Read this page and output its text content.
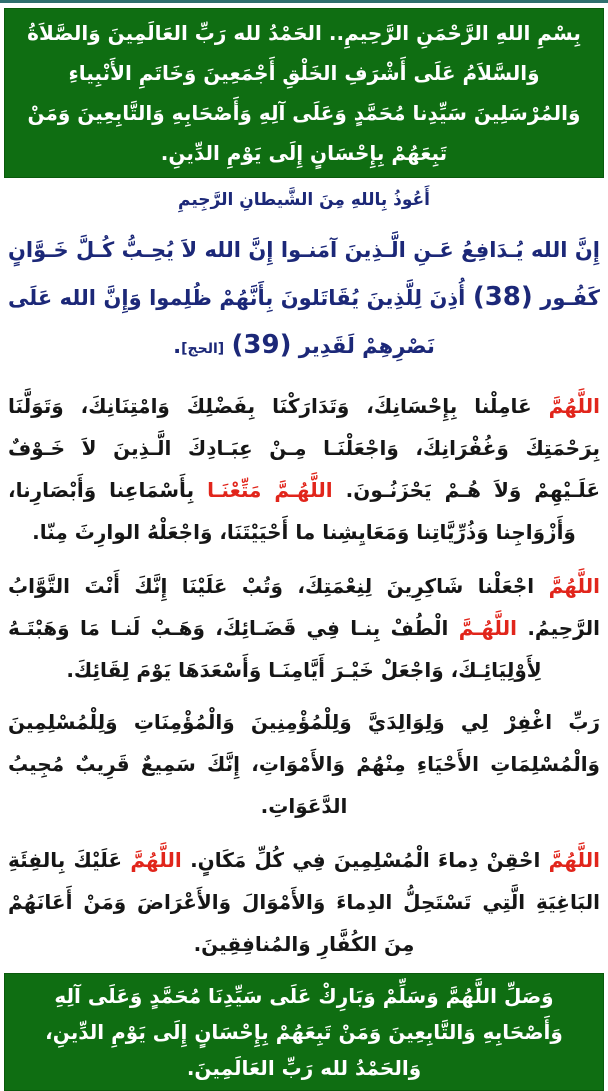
بِسْمِ اللهِ الرَّحْمَنِ الرَّحِيمِ.. الحَمْدُ لله رَبِّ العَالَمِينَ وَالصَّلاَةُ وَالسَّلاَمُ عَلَى أَشْرَفِ الخَلْقِ أَجْمَعِينَ وَخَاتَمِ الأَنْبِياءِ وَالمُرْسَلِينَ سَيِّدِنا مُحَمَّدٍ وَعَلَى آلِهِ وَأَصْحَابِهِ وَالتَّابِعِينَ وَمَنْ تَبِعَهُمْ بِإِحْسَانٍ إِلَى يَوْمِ الدِّينِ.
أَعُوذُ بِاللهِ مِنَ الشَّيطانِ الرَّجِيمِ

إِنَّ الله يُـدَافِعُ عَـنِ الَّـذِينَ آمَنـوا إِنَّ الله لاَ يُحِـبُّ كُـلَّ خَـوَّانٍ كَفُـور (38) أُذِنَ لِلَّذِينَ يُقَاتَلونَ بِأَنَّهُمْ ظُلِموا وَإِنَّ الله عَلَى نَصْرِهِمْ لَقَدِير (39) [الحج].

اللَّهُمَّ عَامِلْنا بِإِحْسَانِكَ، وَتَدَارَكْنَا بِفَضْلِكَ وَامْتِنَانِكَ، وَتَوَلَّنَا بِرَحْمَتِكَ وَغُفْرَانِكَ، وَاجْعَلْنَـا مِـنْ عِبَـادِكَ الَّـذِينَ لاَ خَـوْفٌ عَلَـيْهِمْ وَلاَ هُـمْ يَحْزَنُـونَ. اللَّهُـمَّ مَتِّعْنَـا بِأَسْمَاعِنا وَأَبْصَارِنا، وَأَزْوَاجِنا وَذُرِّيَّاتِنا وَمَعَايِشِنا ما أَحْيَيْتَنَا، وَاجْعَلْهُ الوارِثَ مِنّا.

اللَّهُمَّ اجْعَلْنا شَاكِرِينَ لِنِعْمَتِكَ، وَتُبْ عَلَيْنَا إِنَّكَ أَنْتَ التَّوَّابُ الرَّحِيمُ. اللَّهُـمَّ الْطُفْ بِنـا فِي قَضَـائِكَ، وَهَـبْ لَنـا مَا وَهَبْتَـهُ لِأَوْلِيَائِـكَ، وَاجْعَلْ خَيْـرَ أَيَّامِنَـا وَأَسْعَدَهَا يَوْمَ لِقَائِكَ.

رَبِّ اغْفِرْ لِي وَلِوَالِدَيَّ وَلِلْمُؤْمِنِينَ وَالْمُؤْمِنَاتِ وَلِلْمُسْلِمِينَ وَالْمُسْلِمَاتِ الأَحْيَاءِ مِنْهُمْ وَالأَمْوَاتِ، إِنَّكَ سَمِيعٌ قَرِيبٌ مُجِيبُ الدَّعَوَاتِ.

اللَّهُمَّ احْقِنْ دِماءَ الْمُسْلِمِينَ فِي كُلِّ مَكَانٍ. اللَّهُمَّ عَلَيْكَ بِالفِئَةِ البَاغِيَةِ الَّتِي تَسْتَحِلُّ الدِماءَ وَالأَمْوَالَ وَالأَعْرَاضَ وَمَنْ أَعَانَهُمْ مِنَ الكُفَّارِ وَالمُنافِقِينَ.

وَصَلِّ اللَّهُمَّ وَسَلِّمْ وَبَارِكْ عَلَى سَيِّدِنَا مُحَمَّدٍ وَعَلَى آلِهِ وَأَصْحَابِهِ وَالتَّابِعِينَ وَمَنْ تَبِعَهُمْ بِإِحْسَانٍ إِلَى يَوْمِ الدِّينِ، وَالحَمْدُ لله رَبِّ العَالَمِينَ.
